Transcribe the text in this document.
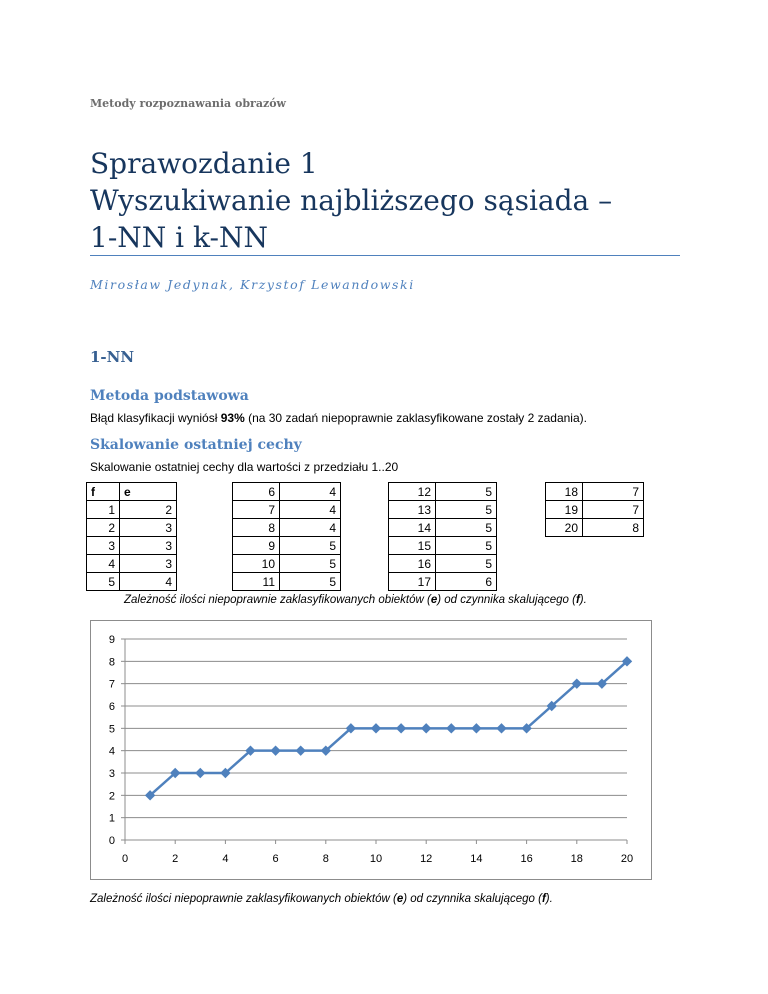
Metody rozpoznawania obrazów
Sprawozdanie 1
Wyszukiwanie najbliższego sąsiada –
1-NN i k-NN
Mirosław Jedynak, Krzystof Lewandowski
1-NN
Metoda podstawowa
Błąd klasyfikacji wyniósł 93% (na 30 zadań niepoprawnie zaklasyfikowane zostały 2 zadania).
Skalowanie ostatniej cechy
Skalowanie ostatniej cechy dla wartości z przedziału 1..20
f	e
1	2
2	3
3	3
4	3
5	4
6	4
7	4
8	4
9	5
10	5
11	5
12	5
13	5
14	5
15	5
16	5
17	6
18	7
19	7
20	8
Zależność ilości niepoprawnie zaklasyfikowanych obiektów (e) od czynnika skalującego (f).
0
1
2
3
4
5
6
7
8
9
0	2	4	6	8	10	12	14	16	18	20
Zależność ilości niepoprawnie zaklasyfikowanych obiektów (e) od czynnika skalującego (f).
